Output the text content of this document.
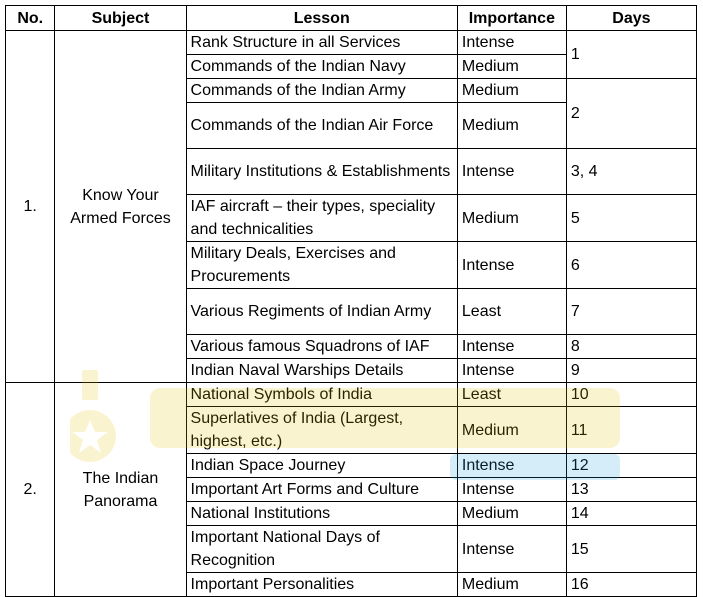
No.	Subject	Lesson	Importance	Days
1.	Know Your Armed Forces	Rank Structure in all Services	Intense	1
		Commands of the Indian Navy	Medium	
		Commands of the Indian Army	Medium	2
		Commands of the Indian Air Force	Medium	
		Military Institutions & Establishments	Intense	3, 4
		IAF aircraft – their types, speciality and technicalities	Medium	5
		Military Deals, Exercises and Procurements	Intense	6
		Various Regiments of Indian Army	Least	7
		Various famous Squadrons of IAF	Intense	8
		Indian Naval Warships Details	Intense	9
2.	The Indian Panorama	National Symbols of India	Least	10
		Superlatives of India (Largest, highest, etc.)	Medium	11
		Indian Space Journey	Intense	12
		Important Art Forms and Culture	Intense	13
		National Institutions	Medium	14
		Important National Days of Recognition	Intense	15
		Important Personalities	Medium	16
